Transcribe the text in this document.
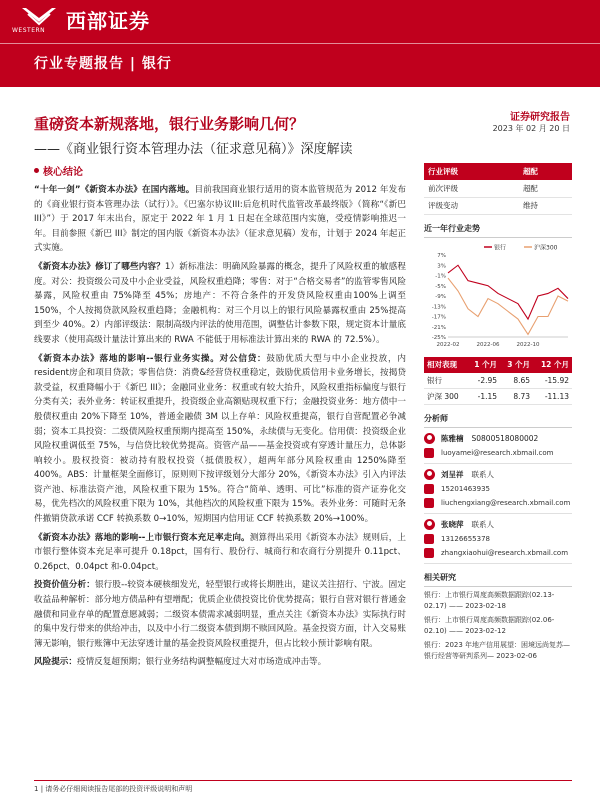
WESTERN 西部证券
行业专题报告 | 银行
重磅资本新规落地，银行业务影响几何？
——《商业银行资本管理办法（征求意见稿）》深度解读
证券研究报告
2023 年 02 月 20 日
核心结论
“十年一剑”《新资本办法》在国内落地。目前我国商业银行适用的资本监管规范为 2012 年发布的《商业银行资本管理办法（试行）》。《巴塞尔协议III:后危机时代监管改革最终版》（简称“《新巴 III》”）于 2017 年末出台，原定于 2022 年 1 月 1 日起在全球范围内实施，受疫情影响推迟一年。目前参照《新巴 III》制定的国内版《新资本办法》（征求意见稿）发布，计划于 2024 年起正式实施。
《新资本办法》修订了哪些内容？1）新标准法：明确风险暴露的概念，提升了风险权重的敏感程度。对公：投资级公司及中小企业受益，风险权重趋降；零售：对于“合格交易者”的监管零售风险暴露，风险权重由 75%降至 45%；房地产：不符合条件的开发贷风险权重由100%上调至 150%，个人按揭贷款风险权重趋降；金融机构：对三个月以上的银行风险暴露权重由 25%提高到至少 40%。2）内部评级法：限制高级内评法的使用范围，调整估计参数下限，规定资本计量底线要求（使用高级计量法计算出来的 RWA 不能低于用标准法计算出来的 RWA 的 72.5%）。
《新资本办法》落地的影响--银行业务实操。对公信贷：鼓励优质大型与中小企业投放，内resident房企和项目贷款；零售信贷：消费&经营贷权重稳定，鼓励优质信用卡业务增长，按揭贷款受益，权重降幅小于《新巴 III》；金融同业业务：权重或有较大抬升，风险权重指标偏度与银行分类有关；表外业务：转证权重提升，投资级企业高额贴现权重下行；金融投资业务：地方债中一般债权重由 20%下降至 10%，普通金融债 3M 以上存单：风险权重提高，银行自营配置必争减弱；资本工具投资：二级债风险权重预期内提高至 150%，永续债与无变化。信用债：投资级企业风险权重调低至 75%，与信贷比较优势提高。资管产品——基金投资或有穿透计量压力，总体影响较小。股权投资：被动持有股权投资（抵债股权），超两年部分风险权重由 1250%降至 400%。ABS：计量框架全面修订，原则则下按评级划分大部分 20%，《新资本办法》引入内评法资产池、标准法资产池，风险权重下限为 15%。符合“简单、透明、可比”标准的资产证券化交易，优先档次的风险权重下限为 10%，其他档次的风险权重下限为 15%。表外业务：可随时无条件撤销贷款承诺 CCF 转换系数 0→10%，短期国内信用证 CCF 转换系数 20%→100%。
《新资本办法》落地的影响--上市银行资本充足率走向。测算得出采用《新资本办法》规则后，上市银行整体资本充足率可提升 0.18pct，国有行、股份行、城商行和农商行分别提升 0.11pct、0.26pct、0.04pct 和-0.04pct。
投资价值分析：银行股--较资本硬核细发光，轻型银行或将长期胜出，建议关注招行、宁波。固定收益品种解析：部分地方债品种有望增配；优质企业债投资比价优势提高；银行自营对银行普通金融债和同业存单的配置意愿减弱；二级资本债需求减弱明显，重点关注《新资本办法》实际执行时的集中发行带来的供给冲击，以及中小行二级资本债到期不赎回风险。基金投资方面，计入交易账簿无影响，银行账簿中无法穿透计量的基金投资风险权重提升，但占比较小预计影响有限。
风险提示：疫情反复超预期；银行业务结构调整幅度过大对市场造成冲击等。
行业评级	超配
前次评级	超配
评级变动	维持
近一年行业走势
银行	沪深300
7%
3%
-1%
-5%
-9%
-13%
-17%
-21%
-25%
2022-02	2022-06	2022-10
相对表现	1 个月	3 个月	12 个月
银行	-2.95	8.65	-15.92
沪深 300	-1.15	8.73	-11.13
分析师
陈雅楠 S0800518080002
luoyamei@research.xbmail.com
刘呈祥 联系人
15201463935
liuchengxiang@research.xbmail.com
张晓萍 联系人
13126655378
zhangxiaohui@research.xbmail.com
相关研究
银行：上市银行周度高频数据跟踪(02.13-02.17) —— 2023-02-18
银行：上市银行周度高频数据跟踪(02.06-02.10) —— 2023-02-12
银行：2023 年地产信用展望：困境远尚复苏—银行经营等研判系列— 2023-02-06
1 | 请务必仔细阅读报告尾部的投资评级说明和声明
